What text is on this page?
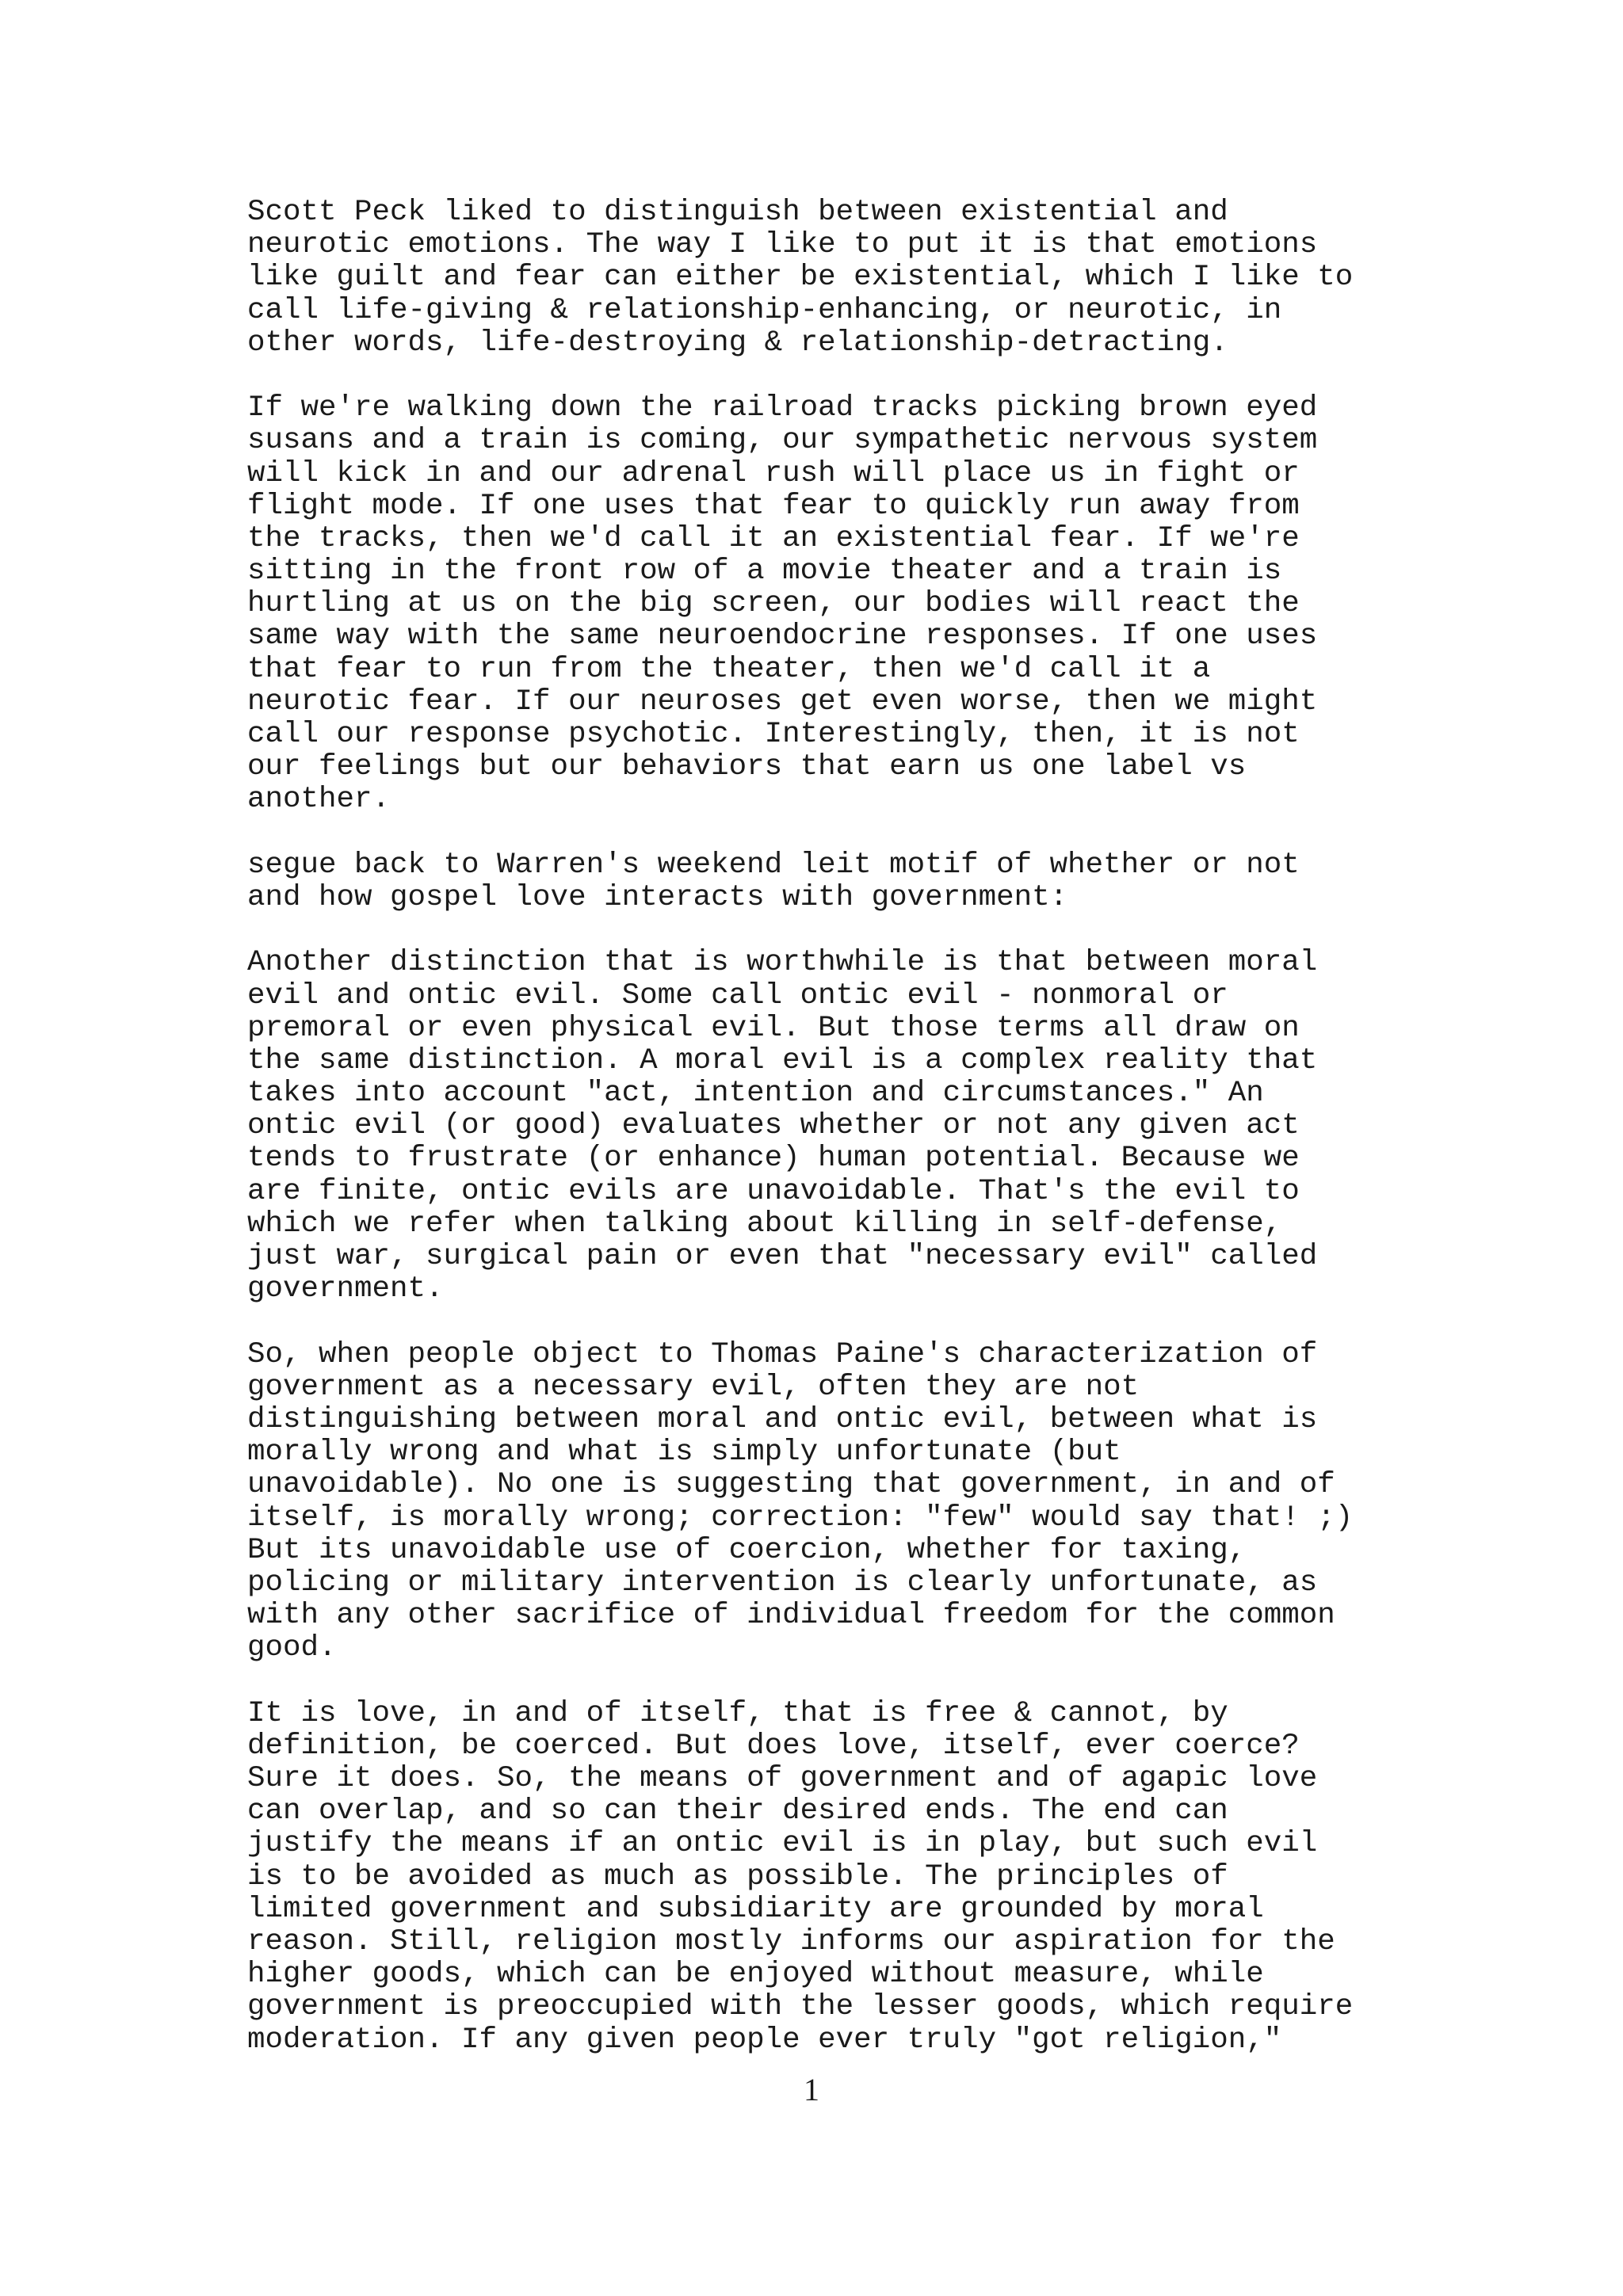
Scott Peck liked to distinguish between existential and
neurotic emotions. The way I like to put it is that emotions
like guilt and fear can either be existential, which I like to
call life-giving & relationship-enhancing, or neurotic, in
other words, life-destroying & relationship-detracting.
If we're walking down the railroad tracks picking brown eyed
susans and a train is coming, our sympathetic nervous system
will kick in and our adrenal rush will place us in fight or
flight mode. If one uses that fear to quickly run away from
the tracks, then we'd call it an existential fear. If we're
sitting in the front row of a movie theater and a train is
hurtling at us on the big screen, our bodies will react the
same way with the same neuroendocrine responses. If one uses
that fear to run from the theater, then we'd call it a
neurotic fear. If our neuroses get even worse, then we might
call our response psychotic. Interestingly, then, it is not
our feelings but our behaviors that earn us one label vs
another.
segue back to Warren's weekend leit motif of whether or not
and how gospel love interacts with government:
Another distinction that is worthwhile is that between moral
evil and ontic evil. Some call ontic evil - nonmoral or
premoral or even physical evil. But those terms all draw on
the same distinction. A moral evil is a complex reality that
takes into account "act, intention and circumstances." An
ontic evil (or good) evaluates whether or not any given act
tends to frustrate (or enhance) human potential. Because we
are finite, ontic evils are unavoidable. That's the evil to
which we refer when talking about killing in self-defense,
just war, surgical pain or even that "necessary evil" called
government.
So, when people object to Thomas Paine's characterization of
government as a necessary evil, often they are not
distinguishing between moral and ontic evil, between what is
morally wrong and what is simply unfortunate (but
unavoidable). No one is suggesting that government, in and of
itself, is morally wrong; correction: "few" would say that! ;)
But its unavoidable use of coercion, whether for taxing,
policing or military intervention is clearly unfortunate, as
with any other sacrifice of individual freedom for the common
good.
It is love, in and of itself, that is free & cannot, by
definition, be coerced. But does love, itself, ever coerce?
Sure it does. So, the means of government and of agapic love
can overlap, and so can their desired ends. The end can
justify the means if an ontic evil is in play, but such evil
is to be avoided as much as possible. The principles of
limited government and subsidiarity are grounded by moral
reason. Still, religion mostly informs our aspiration for the
higher goods, which can be enjoyed without measure, while
government is preoccupied with the lesser goods, which require
moderation. If any given people ever truly "got religion,"
1
